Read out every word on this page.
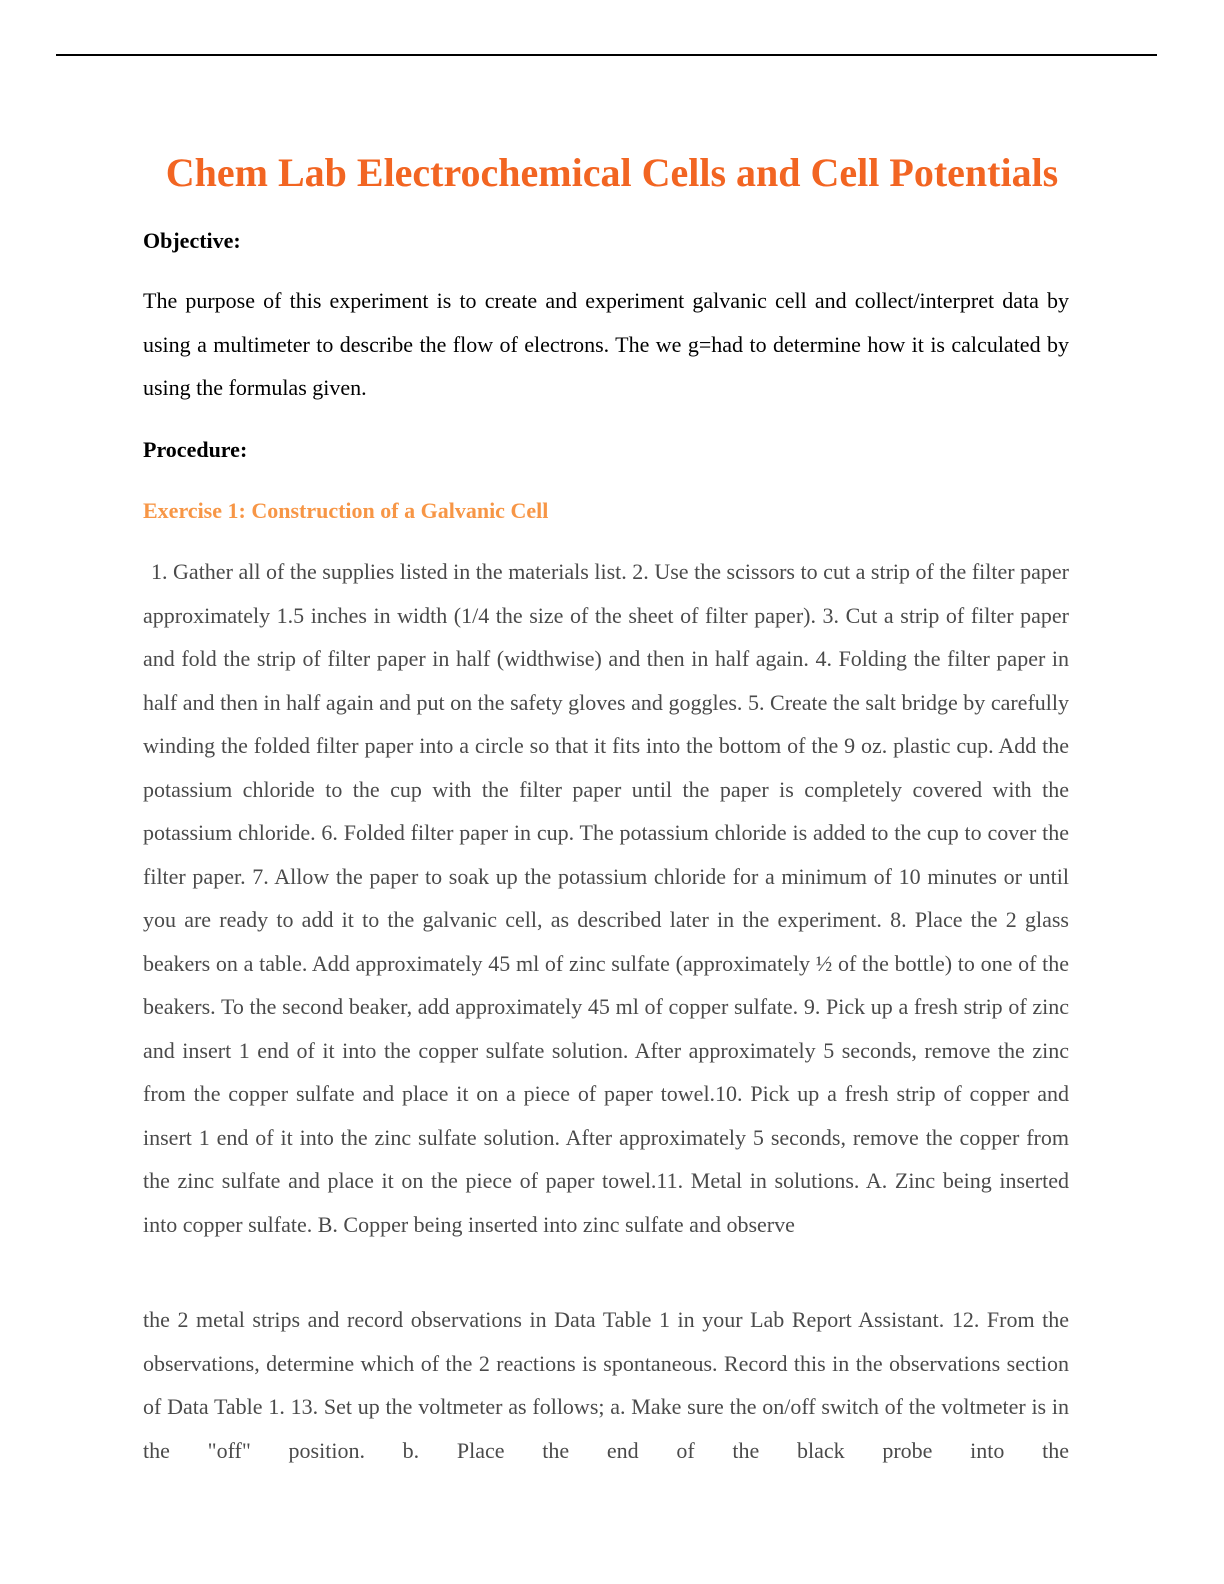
Chem Lab Electrochemical Cells and Cell Potentials
Objective:

The purpose of this experiment is to create and experiment galvanic cell and collect/interpret data by using a multimeter to describe the flow of electrons. The we g=had to determine how it is calculated by using the formulas given.

Procedure:
Exercise 1: Construction of a Galvanic Cell

1. Gather all of the supplies listed in the materials list. 2. Use the scissors to cut a strip of the filter paper approximately 1.5 inches in width (1/4 the size of the sheet of filter paper). 3. Cut a strip of filter paper and fold the strip of filter paper in half (widthwise) and then in half again. 4. Folding the filter paper in half and then in half again and put on the safety gloves and goggles. 5. Create the salt bridge by carefully winding the folded filter paper into a circle so that it fits into the bottom of the 9 oz. plastic cup. Add the potassium chloride to the cup with the filter paper until the paper is completely covered with the potassium chloride. 6. Folded filter paper in cup. The potassium chloride is added to the cup to cover the filter paper. 7. Allow the paper to soak up the potassium chloride for a minimum of 10 minutes or until you are ready to add it to the galvanic cell, as described later in the experiment. 8. Place the 2 glass beakers on a table. Add approximately 45 ml of zinc sulfate (approximately ½ of the bottle) to one of the beakers. To the second beaker, add approximately 45 ml of copper sulfate. 9. Pick up a fresh strip of zinc and insert 1 end of it into the copper sulfate solution. After approximately 5 seconds, remove the zinc from the copper sulfate and place it on a piece of paper towel.10. Pick up a fresh strip of copper and insert 1 end of it into the zinc sulfate solution. After approximately 5 seconds, remove the copper from the zinc sulfate and place it on the piece of paper towel.11. Metal in solutions. A. Zinc being inserted into copper sulfate. B. Copper being inserted into zinc sulfate and observe

the 2 metal strips and record observations in Data Table 1 in your Lab Report Assistant. 12. From the observations, determine which of the 2 reactions is spontaneous. Record this in the observations section of Data Table 1. 13. Set up the voltmeter as follows; a. Make sure the on/off switch of the voltmeter is in the "off" position. b. Place the end of the black probe into the
